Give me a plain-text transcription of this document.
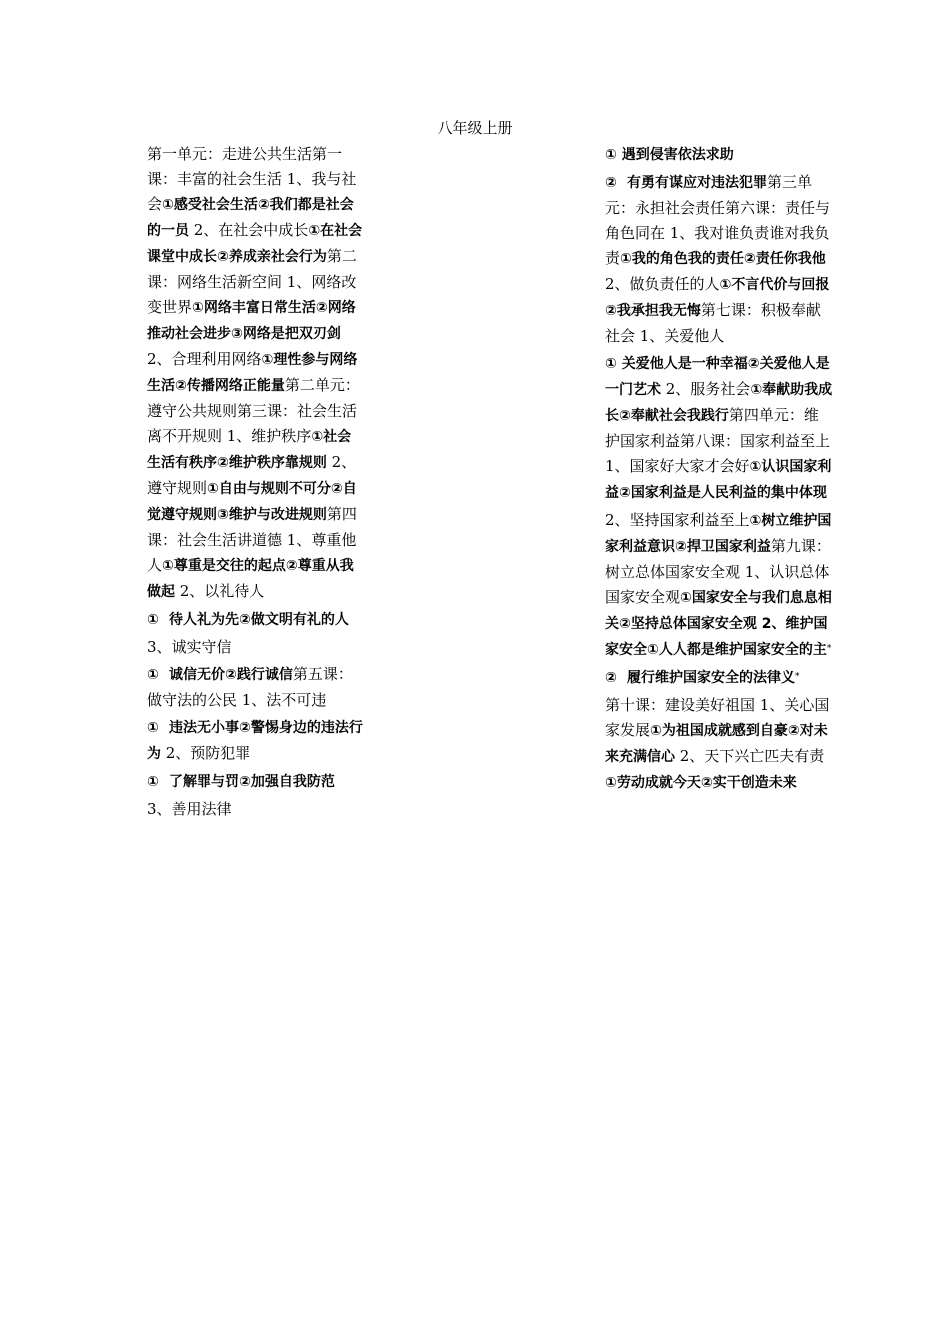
八年级上册

第一单元：走进公共生活第一课：丰富的社会生活 1、我与社会①感受社会生活②我们都是社会的一员 2、在社会中成长①在社会课堂中成长②养成亲社会行为第二课：网络生活新空间 1、网络改变世界①网络丰富日常生活②网络推动社会进步③网络是把双刃剑 2、合理利用网络①理性参与网络生活②传播网络正能量第二单元：遵守公共规则第三课：社会生活离不开规则 1、维护秩序①社会生活有秩序②维护秩序靠规则 2、遵守规则①自由与规则不可分②自觉遵守规则③维护与改进规则第四课：社会生活讲道德 1、尊重他人①尊重是交往的起点②尊重从我做起 2、以礼待人

① 待人礼为先②做文明有礼的人

3、诚实守信

① 诚信无价②践行诚信第五课：做守法的公民 1、法不可违

① 违法无小事②警惕身边的违法行为 2、预防犯罪

① 了解罪与罚②加强自我防范

3、善用法律

① 遇到侵害依法求助

② 有勇有谋应对违法犯罪第三单元：永担社会责任第六课：责任与角色同在 1、我对谁负责谁对我负责①我的角色我的责任②责任你我他 2、做负责任的人①不言代价与回报②我承担我无悔第七课：积极奉献社会 1、关爱他人

① 关爱他人是一种幸福②关爱他人是一门艺术 2、服务社会①奉献助我成长②奉献社会我践行第四单元：维护国家利益第八课：国家利益至上 1、国家好大家才会好①认识国家利益②国家利益是人民利益的集中体现

2、坚持国家利益至上①树立维护国家利益意识②捍卫国家利益第九课：树立总体国家安全观 1、认识总体国家安全观①国家安全与我们息息相关②坚持总体国家安全观 2、维护国家安全①人人都是维护国家安全的主*

② 履行维护国家安全的法律义*

第十课：建设美好祖国 1、关心国家发展①为祖国成就感到自豪②对未来充满信心 2、天下兴亡匹夫有责①劳动成就今天②实干创造未来
